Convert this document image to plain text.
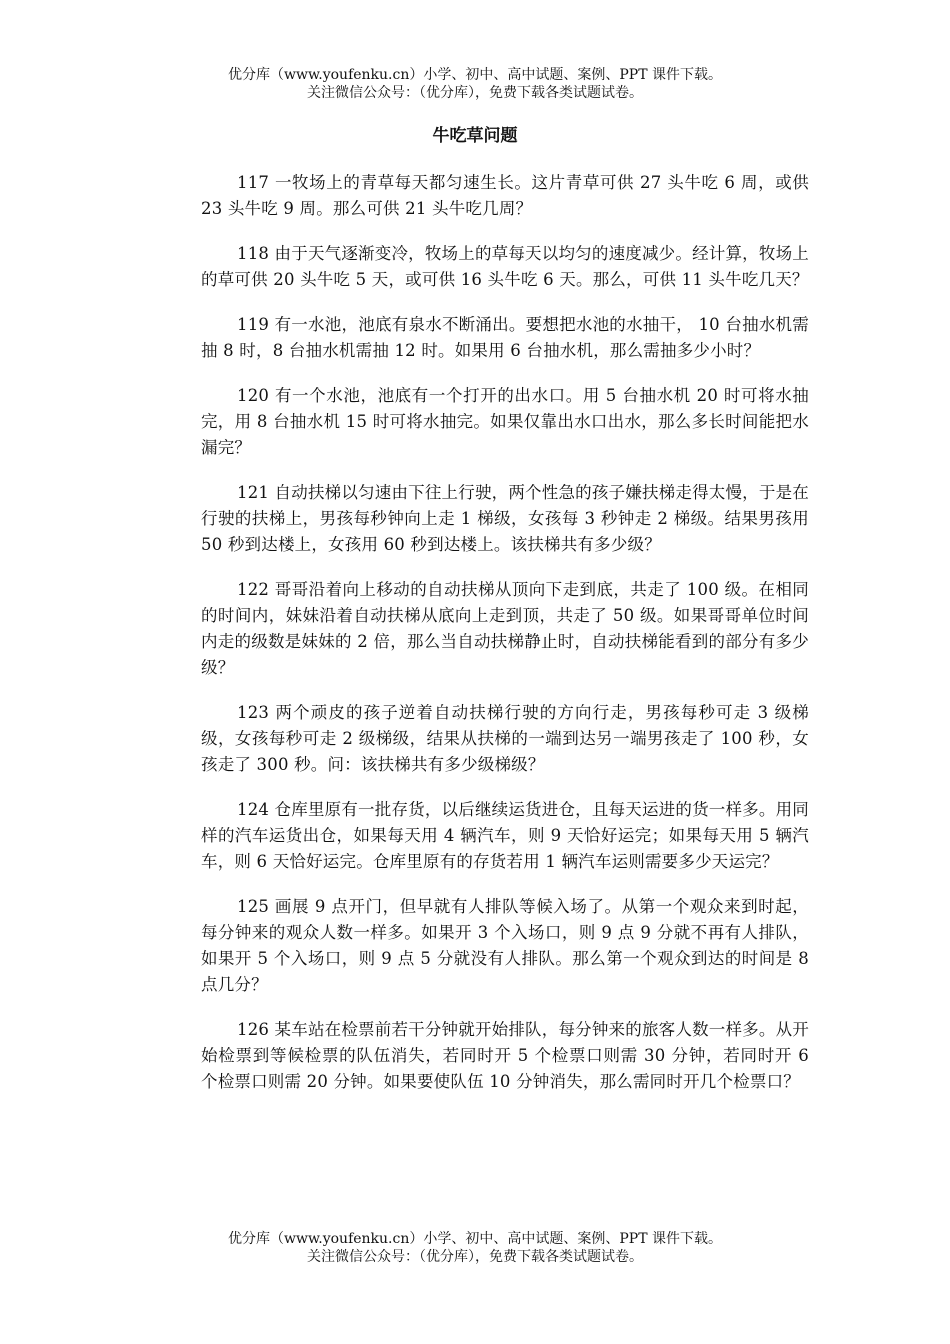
优分库（www.youfenku.cn）小学、初中、高中试题、案例、PPT 课件下载。
关注微信公众号：（优分库），免费下载各类试题试卷。
牛吃草问题

117 一牧场上的青草每天都匀速生长。这片青草可供 27 头牛吃 6 周，或供 23 头牛吃 9 周。那么可供 21 头牛吃几周？

118 由于天气逐渐变冷，牧场上的草每天以均匀的速度减少。经计算，牧场上的草可供 20 头牛吃 5 天，或可供 16 头牛吃 6 天。那么，可供 11 头牛吃几天？

119 有一水池，池底有泉水不断涌出。要想把水池的水抽干， 10 台抽水机需抽 8 时，8 台抽水机需抽 12 时。如果用 6 台抽水机，那么需抽多少小时？

120 有一个水池，池底有一个打开的出水口。用 5 台抽水机 20 时可将水抽完，用 8 台抽水机 15 时可将水抽完。如果仅靠出水口出水，那么多长时间能把水漏完？

121 自动扶梯以匀速由下往上行驶，两个性急的孩子嫌扶梯走得太慢，于是在行驶的扶梯上，男孩每秒钟向上走 1 梯级，女孩每 3 秒钟走 2 梯级。结果男孩用 50 秒到达楼上，女孩用 60 秒到达楼上。该扶梯共有多少级？

122 哥哥沿着向上移动的自动扶梯从顶向下走到底，共走了 100 级。在相同的时间内，妹妹沿着自动扶梯从底向上走到顶，共走了 50 级。如果哥哥单位时间内走的级数是妹妹的 2 倍，那么当自动扶梯静止时，自动扶梯能看到的部分有多少级？

123 两个顽皮的孩子逆着自动扶梯行驶的方向行走，男孩每秒可走 3 级梯级，女孩每秒可走 2 级梯级，结果从扶梯的一端到达另一端男孩走了 100 秒，女孩走了 300 秒。问：该扶梯共有多少级梯级？

124 仓库里原有一批存货，以后继续运货进仓，且每天运进的货一样多。用同样的汽车运货出仓，如果每天用 4 辆汽车，则 9 天恰好运完；如果每天用 5 辆汽车，则 6 天恰好运完。仓库里原有的存货若用 1 辆汽车运则需要多少天运完？

125 画展 9 点开门，但早就有人排队等候入场了。从第一个观众来到时起，每分钟来的观众人数一样多。如果开 3 个入场口，则 9 点 9 分就不再有人排队，如果开 5 个入场口，则 9 点 5 分就没有人排队。那么第一个观众到达的时间是 8 点几分？

126 某车站在检票前若干分钟就开始排队，每分钟来的旅客人数一样多。从开始检票到等候检票的队伍消失，若同时开 5 个检票口则需 30 分钟，若同时开 6 个检票口则需 20 分钟。如果要使队伍 10 分钟消失，那么需同时开几个检票口？

优分库（www.youfenku.cn）小学、初中、高中试题、案例、PPT 课件下载。
关注微信公众号：（优分库），免费下载各类试题试卷。
